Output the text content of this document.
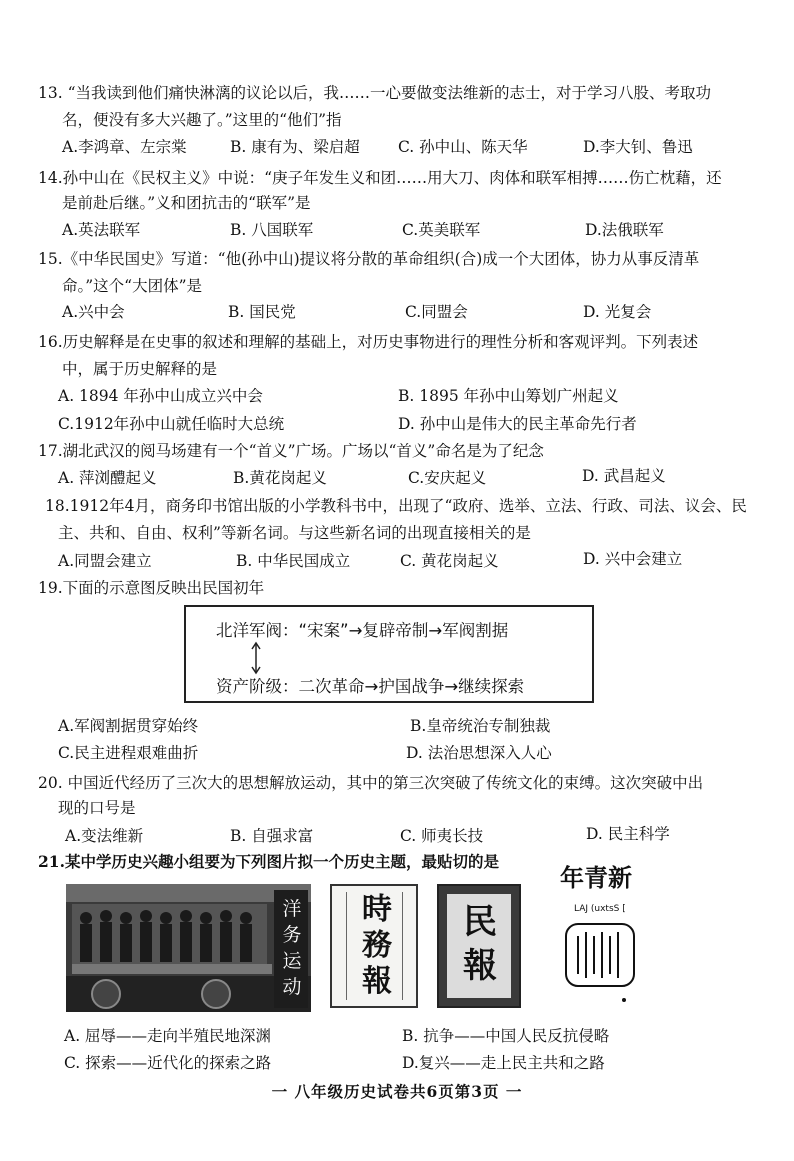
13. “当我读到他们痛快淋漓的议论以后，我……一心要做变法维新的志士，对于学习八股、考取功
名，便没有多大兴趣了。”这里的“他们”指
A.李鸿章、左宗棠	B. 康有为、梁启超 C. 孙中山、陈天华	D.李大钊、鲁迅
14.孙中山在《民权主义》中说：“庚子年发生义和团……用大刀、肉体和联军相搏……伤亡枕藉，还
是前赴后继。”义和团抗击的“联军”是
A.英法联军	B. 八国联军	C.英美联军	D.法俄联军
15.《中华民国史》写道：“他(孙中山)提议将分散的革命组织(合)成一个大团体，协力从事反清革
命。”这个“大团体”是
A.兴中会	B. 国民党	C.同盟会	D. 光复会
16.历史解释是在史事的叙述和理解的基础上，对历史事物进行的理性分析和客观评判。下列表述
中，属于历史解释的是
A. 1894 年孙中山成立兴中会	B. 1895 年孙中山筹划广州起义
C.1912年孙中山就任临时大总统	D. 孙中山是伟大的民主革命先行者
17.湖北武汉的阅马场建有一个“首义”广场。广场以“首义”命名是为了纪念
A. 萍浏醴起义	B.黄花岗起义	C.安庆起义	D. 武昌起义
18.1912年4月，商务印书馆出版的小学教科书中，出现了“政府、选举、立法、行政、司法、议会、民
主、共和、自由、权利”等新名词。与这些新名词的出现直接相关的是
A.同盟会建立	B. 中华民国成立	C. 黄花岗起义	D. 兴中会建立
19.下面的示意图反映出民国初年
北洋军阀：“宋案”→复辟帝制→军阀割据
资产阶级：二次革命→护国战争→继续探索
A.军阀割据贯穿始终	B.皇帝统治专制独裁
C.民主进程艰难曲折	D. 法治思想深入人心
20. 中国近代经历了三次大的思想解放运动，其中的第三次突破了传统文化的束缚。这次突破中出
现的口号是
A.变法维新	B. 自强求富	C. 师夷长技	D. 民主科学
21.某中学历史兴趣小组要为下列图片拟一个历史主题，最贴切的是
洋务运动
時務報
民報
年青新
LAJ (uxtsS [
A. 屈辱——走向半殖民地深渊	B. 抗争——中国人民反抗侵略
C. 探索——近代化的探索之路	D.复兴——走上民主共和之路
一 八年级历史试卷共6页第3页 一
